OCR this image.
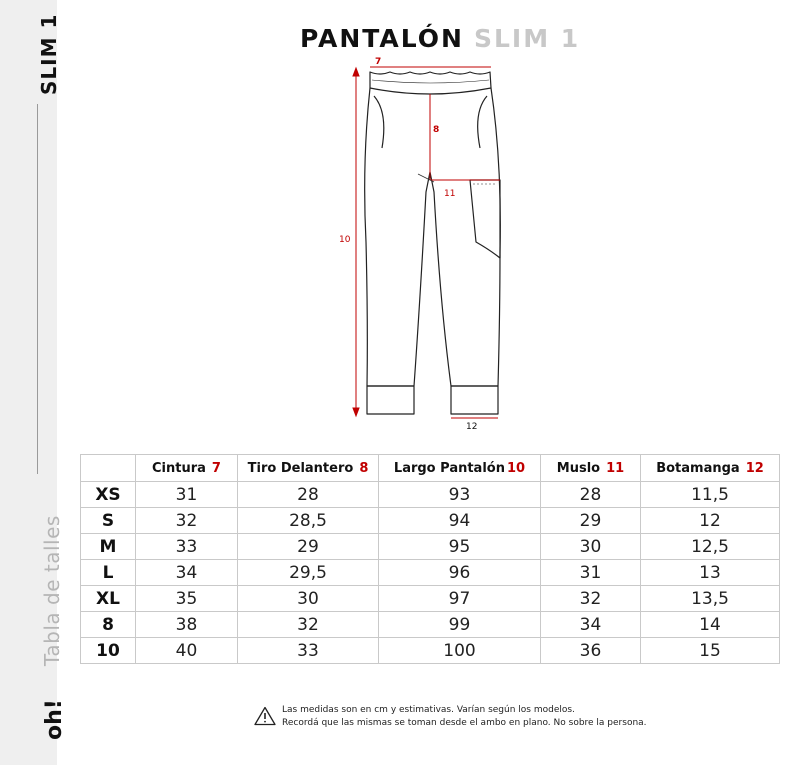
SLIM 1
Tabla de talles
oh!
PANTALÓN SLIM 1
7
8
10
11
12
	Cintura 7	Tiro Delantero 8	Largo Pantalón 10	Muslo 11	Botamanga 12
XS	31	28	93	28	11,5
S	32	28,5	94	29	12
M	33	29	95	30	12,5
L	34	29,5	96	31	13
XL	35	30	97	32	13,5
8	38	32	99	34	14
10	40	33	100	36	15
Las medidas son en cm y estimativas. Varían según los modelos.
Recordá que las mismas se toman desde el ambo en plano. No sobre la persona.
